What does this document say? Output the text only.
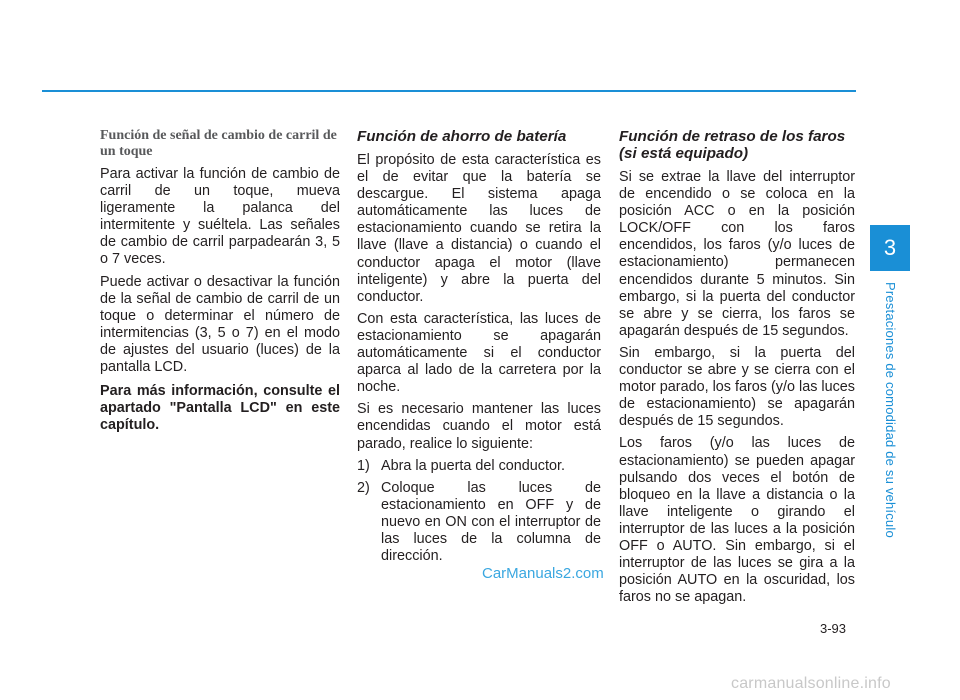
Función de señal de cambio de carril de un toque

Para activar la función de cambio de carril de un toque, mueva ligeramente la palanca del intermitente y suéltela. Las señales de cambio de carril parpadearán 3, 5 o 7 veces.

Puede activar o desactivar la función de la señal de cambio de carril de un toque o determinar el número de intermitencias (3, 5 o 7) en el modo de ajustes del usuario (luces) de la pantalla LCD.

Para más información, consulte el apartado "Pantalla LCD" en este capítulo.

Función de ahorro de batería

El propósito de esta característica es el de evitar que la batería se descargue. El sistema apaga automáticamente las luces de estacionamiento cuando se retira la llave (llave a distancia) o cuando el conductor apaga el motor (llave inteligente) y abre la puerta del conductor.

Con esta característica, las luces de estacionamiento se apagarán automáticamente si el conductor aparca al lado de la carretera por la noche.

Si es necesario mantener las luces encendidas cuando el motor está parado, realice lo siguiente:

1) Abra la puerta del conductor.
2) Coloque las luces de estacionamiento en OFF y de nuevo en ON con el interruptor de las luces de la columna de dirección.
Función de retraso de los faros (si está equipado)

Si se extrae la llave del interruptor de encendido o se coloca en la posición ACC o en la posición LOCK/OFF con los faros encendidos, los faros (y/o luces de estacionamiento) permanecen encendidos durante 5 minutos. Sin embargo, si la puerta del conductor se abre y se cierra, los faros se apagarán después de 15 segundos.

Sin embargo, si la puerta del conductor se abre y se cierra con el motor parado, los faros (y/o las luces de estacionamiento) se apagarán después de 15 segundos.

Los faros (y/o las luces de estacionamiento) se pueden apagar pulsando dos veces el botón de bloqueo en la llave a distancia o la llave inteligente o girando el interruptor de las luces a la posición OFF o AUTO. Sin embargo, si el interruptor de las luces se gira a la posición AUTO en la oscuridad, los faros no se apagan.

3
Prestaciones de comodidad de su vehículo
3-93
CarManuals2.com
carmanualsonline.info
